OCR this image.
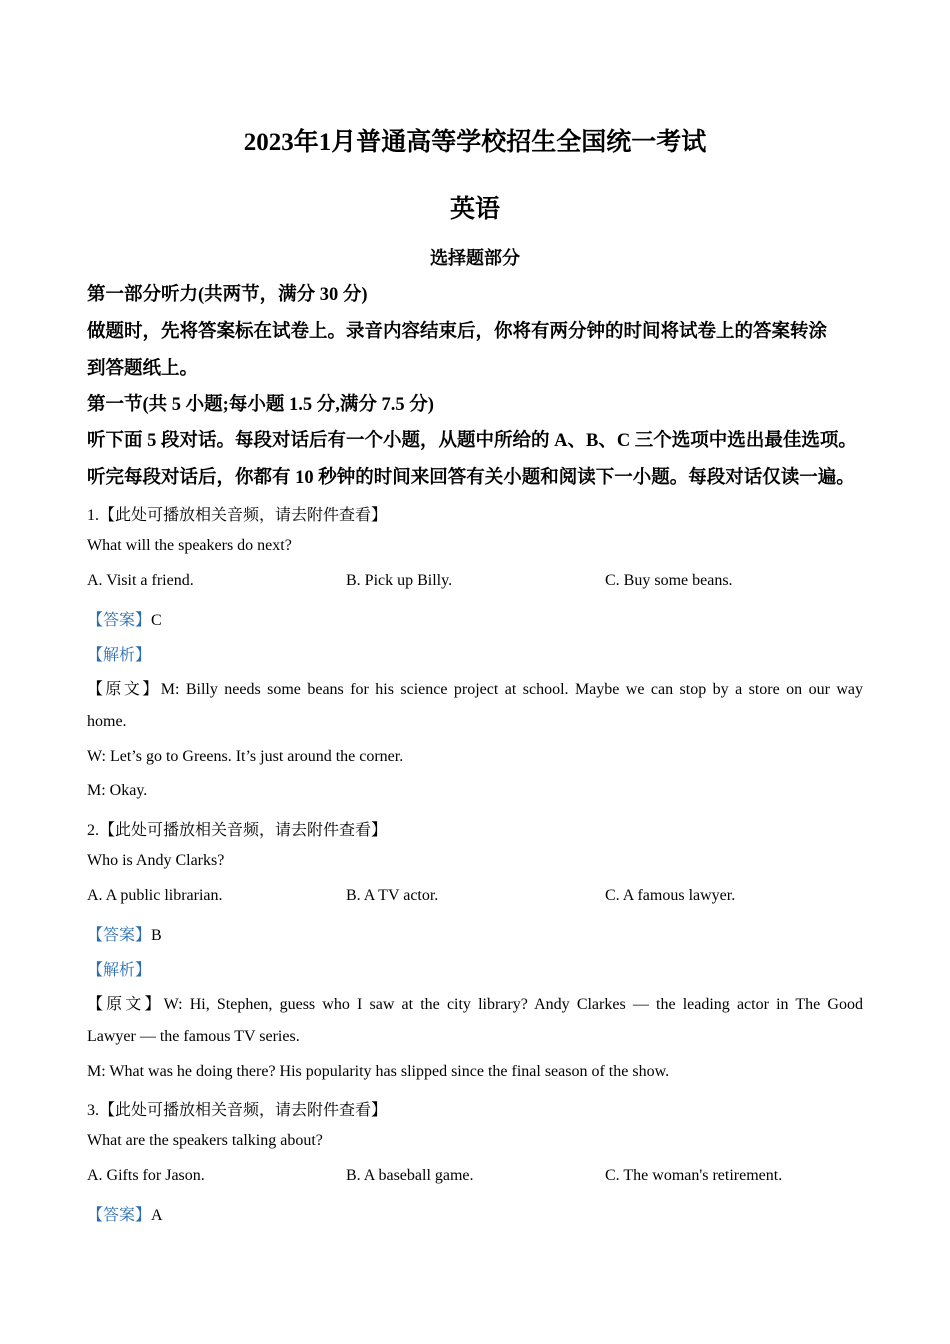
2023年1月普通高等学校招生全国统一考试
英语
选择题部分
第一部分听力(共两节，满分 30 分)
做题时，先将答案标在试卷上。录音内容结束后，你将有两分钟的时间将试卷上的答案转涂
到答题纸上。
第一节(共 5 小题;每小题 1.5 分,满分 7.5 分)
听下面 5 段对话。每段对话后有一个小题，从题中所给的 A、B、C 三个选项中选出最佳选项。
听完每段对话后，你都有 10 秒钟的时间来回答有关小题和阅读下一小题。每段对话仅读一遍。
1.【此处可播放相关音频，请去附件查看】
What will the speakers do next?
A. Visit a friend.	B. Pick up Billy.	C. Buy some beans.
【答案】C
【解析】
【原文】M: Billy needs some beans for his science project at school. Maybe we can stop by a store on our way
home.
W: Let’s go to Greens. It’s just around the corner.
M: Okay.
2.【此处可播放相关音频，请去附件查看】
Who is Andy Clarks?
A. A public librarian.	B. A TV actor.	C. A famous lawyer.
【答案】B
【解析】
【原文】W: Hi, Stephen, guess who I saw at the city library? Andy Clarkes — the leading actor in The Good
Lawyer — the famous TV series.
M: What was he doing there? His popularity has slipped since the final season of the show.
3.【此处可播放相关音频，请去附件查看】
What are the speakers talking about?
A. Gifts for Jason.	B. A baseball game.	C. The woman's retirement.
【答案】A
